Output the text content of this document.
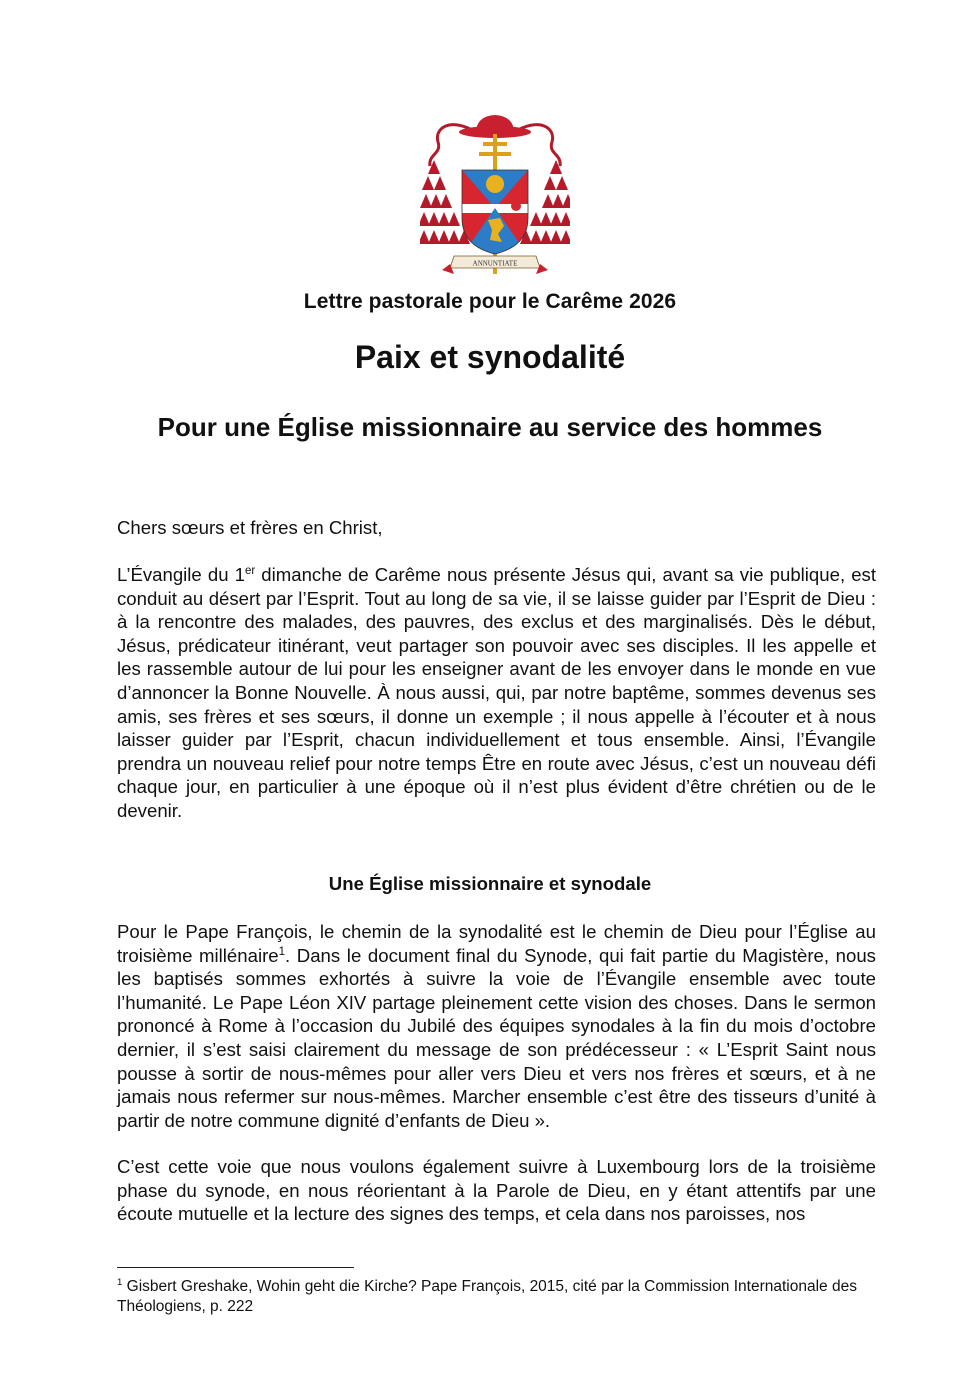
ANNUNTIATE
Lettre pastorale pour le Carême 2026
Paix et synodalité
Pour une Église missionnaire au service des hommes
Chers sœurs et frères en Christ,

L’Évangile du 1er dimanche de Carême nous présente Jésus qui, avant sa vie publique, est conduit au désert par l’Esprit. Tout au long de sa vie, il se laisse guider par l’Esprit de Dieu : à la rencontre des malades, des pauvres, des exclus et des marginalisés. Dès le début, Jésus, prédicateur itinérant, veut partager son pouvoir avec ses disciples. Il les appelle et les rassemble autour de lui pour les enseigner avant de les envoyer dans le monde en vue d’annoncer la Bonne Nouvelle. À nous aussi, qui, par notre baptême, sommes devenus ses amis, ses frères et ses sœurs, il donne un exemple ; il nous appelle à l’écouter et à nous laisser guider par l’Esprit, chacun individuellement et tous ensemble. Ainsi, l’Évangile prendra un nouveau relief pour notre temps Être en route avec Jésus, c’est un nouveau défi chaque jour, en particulier à une époque où il n’est plus évident d’être chrétien ou de le devenir.

Une Église missionnaire et synodale

Pour le Pape François, le chemin de la synodalité est le chemin de Dieu pour l’Église au troisième millénaire$^1$. Dans le document final du Synode, qui fait partie du Magistère, nous les baptisés sommes exhortés à suivre la voie de l’Évangile ensemble avec toute l’humanité. Le Pape Léon XIV partage pleinement cette vision des choses. Dans le sermon prononcé à Rome à l’occasion du Jubilé des équipes synodales à la fin du mois d’octobre dernier, il s’est saisi clairement du message de son prédécesseur : « L’Esprit Saint nous pousse à sortir de nous-mêmes pour aller vers Dieu et vers nos frères et sœurs, et à ne jamais nous refermer sur nous-mêmes. Marcher ensemble c’est être des tisseurs d’unité à partir de notre commune dignité d’enfants de Dieu ».

C’est cette voie que nous voulons également suivre à Luxembourg lors de la troisième phase du synode, en nous réorientant à la Parole de Dieu, en y étant attentifs par une écoute mutuelle et la lecture des signes des temps, et cela dans nos paroisses, nos
$^1$ Gisbert Greshake, Wohin geht die Kirche? Pape François, 2015, cité par la Commission Internationale des Théologiens, p. 222
